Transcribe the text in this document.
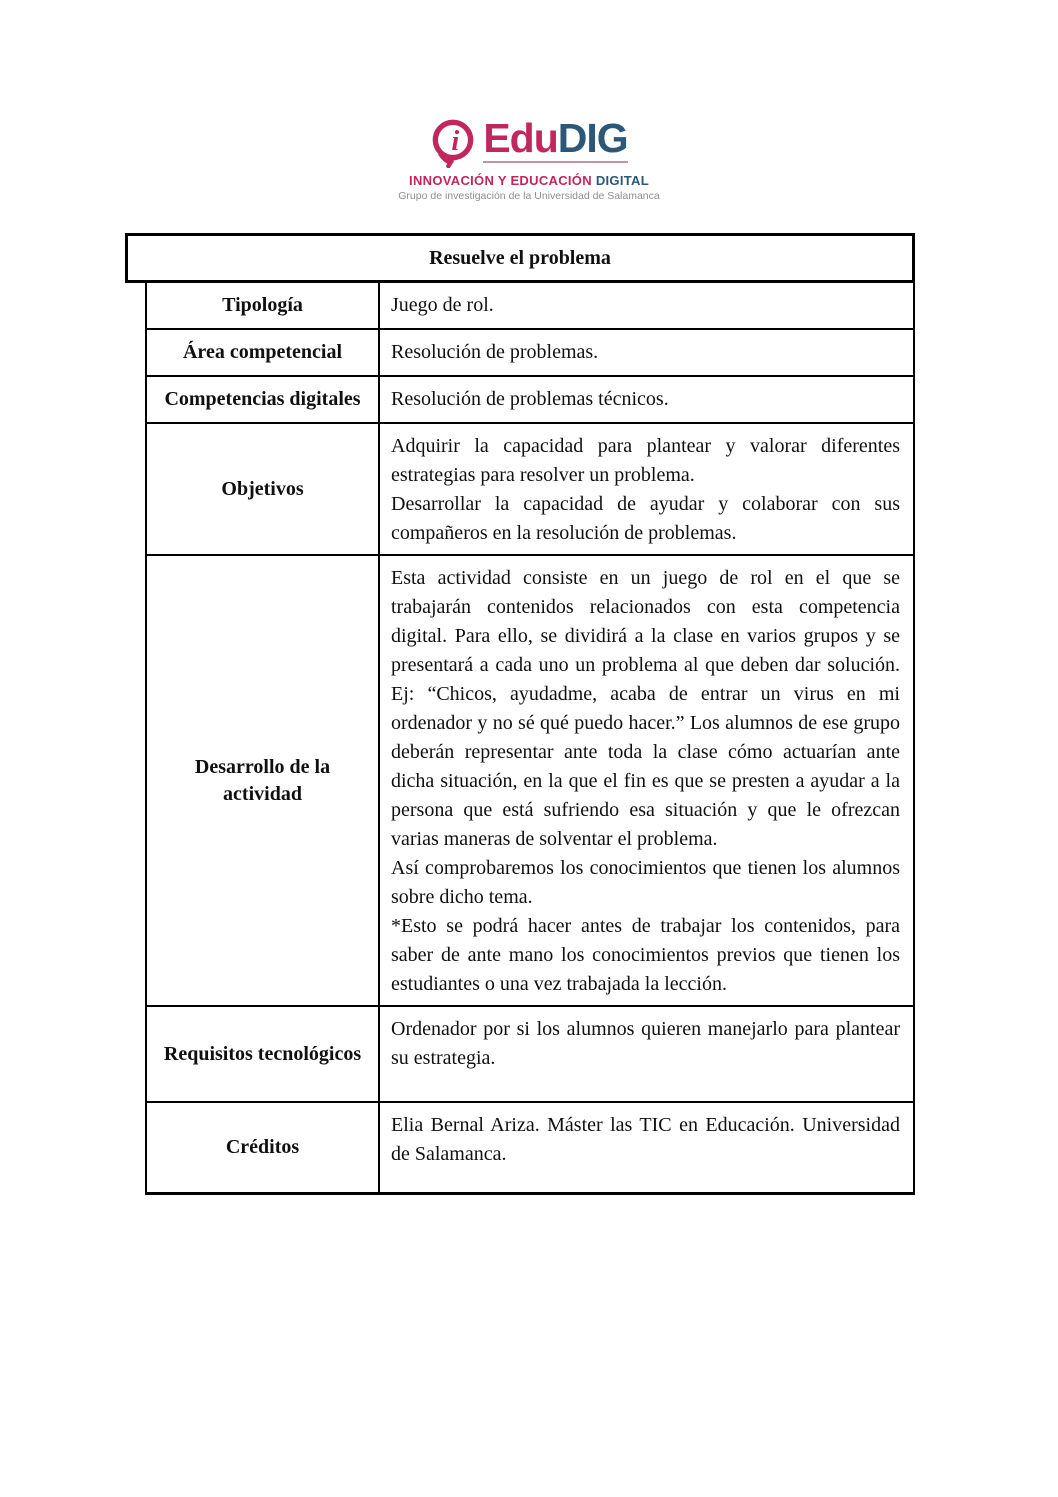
i EduDIG
INNOVACIÓN Y EDUCACIÓN DIGITAL
Grupo de investigación de la Universidad de Salamanca
Resuelve el problema
Tipología	Juego de rol.

Área competencial Resolución de problemas.

Competencias digitales Resolución de problemas técnicos.

Objetivos

Adquirir la capacidad para plantear y valorar diferentes estrategias para resolver un problema.

Desarrollar la capacidad de ayudar y colaborar con sus compañeros en la resolución de problemas.

Desarrollo de la actividad

Esta actividad consiste en un juego de rol en el que se trabajarán contenidos relacionados con esta competencia digital. Para ello, se dividirá a la clase en varios grupos y se presentará a cada uno un problema al que deben dar solución. Ej: “Chicos, ayudadme, acaba de entrar un virus en mi ordenador y no sé qué puedo hacer.” Los alumnos de ese grupo deberán representar ante toda la clase cómo actuarían ante dicha situación, en la que el fin es que se presten a ayudar a la persona que está sufriendo esa situación y que le ofrezcan varias maneras de solventar el problema.

Así comprobaremos los conocimientos que tienen los alumnos sobre dicho tema.

*Esto se podrá hacer antes de trabajar los contenidos, para saber de ante mano los conocimientos previos que tienen los estudiantes o una vez trabajada la lección.

Requisitos tecnológicos

Ordenador por si los alumnos quieren manejarlo para plantear su estrategia.

Créditos

Elia Bernal Ariza. Máster las TIC en Educación. Universidad de Salamanca.
